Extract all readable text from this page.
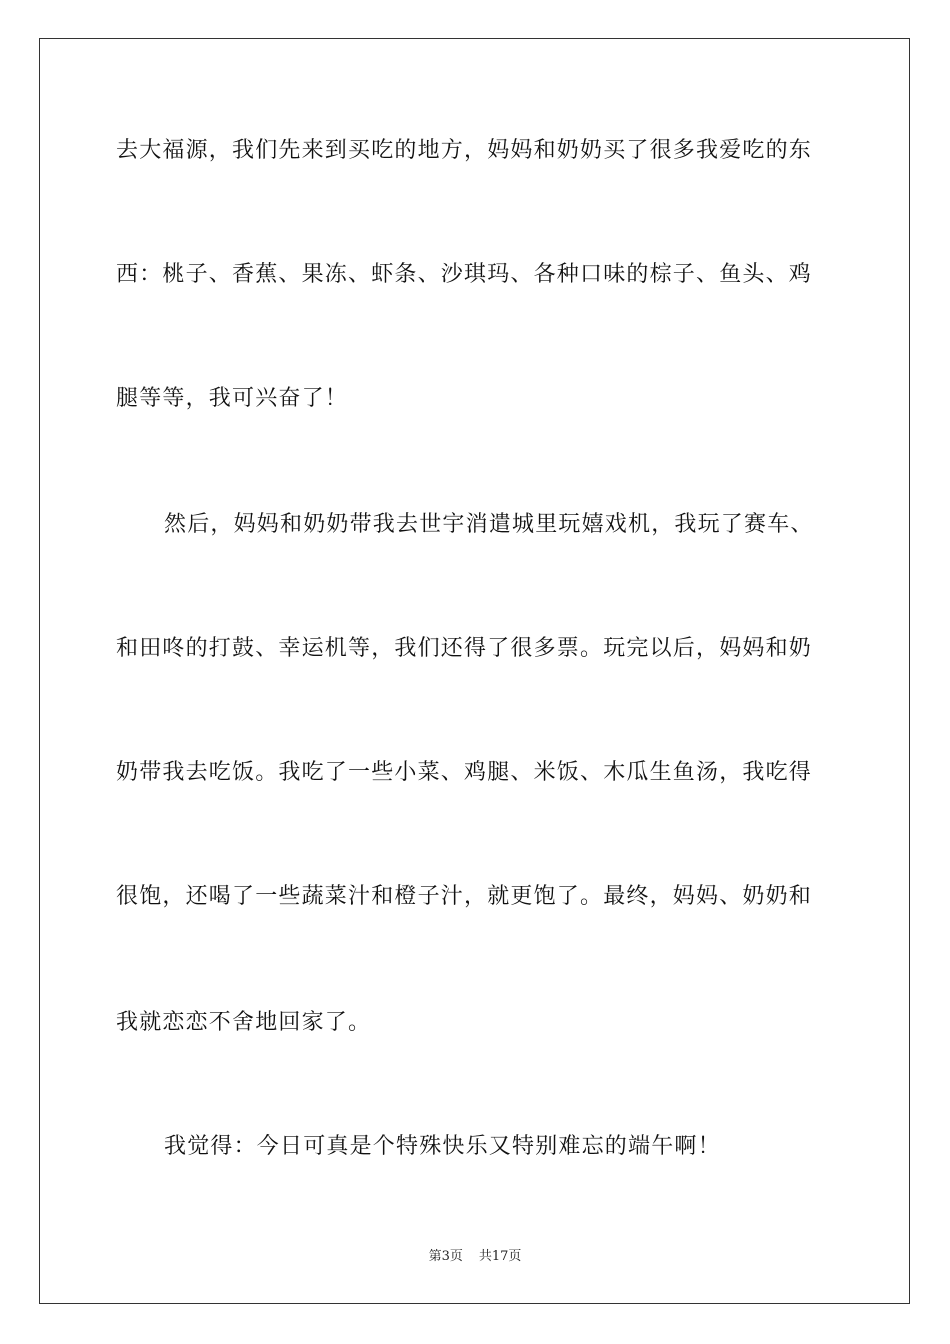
去大福源，我们先来到买吃的地方，妈妈和奶奶买了很多我爱吃的东
西：桃子、香蕉、果冻、虾条、沙琪玛、各种口味的棕子、鱼头、鸡
腿等等，我可兴奋了！
然后，妈妈和奶奶带我去世宇消遣城里玩嬉戏机，我玩了赛车、
和田咚的打鼓、幸运机等，我们还得了很多票。玩完以后，妈妈和奶
奶带我去吃饭。我吃了一些小菜、鸡腿、米饭、木瓜生鱼汤，我吃得
很饱，还喝了一些蔬菜汁和橙子汁，就更饱了。最终，妈妈、奶奶和
我就恋恋不舍地回家了。
我觉得：今日可真是个特殊快乐又特别难忘的端午啊！
第3页 共17页
